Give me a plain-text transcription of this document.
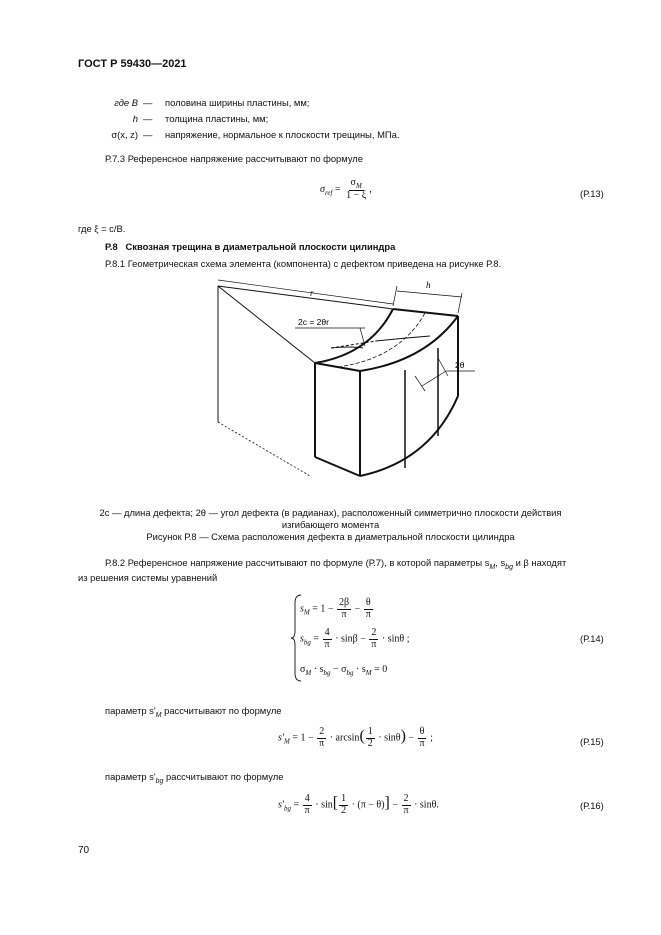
ГОСТ Р 59430—2021
где B — половина ширины пластины, мм;
h — толщина пластины, мм;
σ(x, z) — напряжение, нормальное к плоскости трещины, МПа.
Р.7.3 Референсное напряжение рассчитывают по формуле
$\sigma_{ref} = \frac{\sigma_M}{1 - \xi}$ ,	(Р.13)
где ξ = c/B.
Р.8 Сквозная трещина в диаметральной плоскости цилиндра
Р.8.1 Геометрическая схема элемента (компонента) с дефектом приведена на рисунке Р.8.
r
h
2c = 2θr
2θ
2c — длина дефекта; 2θ — угол дефекта (в радианах), расположенный симметрично плоскости действия
изгибающего момента
Рисунок Р.8 — Схема расположения дефекта в диаметральной плоскости цилиндра
Р.8.2 Референсное напряжение рассчитывают по формуле (Р.7), в которой параметры $s_M$, $s_{bg}$ и β находят
из решения системы уравнений
$s_M = 1 - \frac{2\beta}{\pi} - \frac{\theta}{\pi}$
$s_{bg} = \frac{4}{\pi} \cdot \sin\beta - \frac{2}{\pi} \cdot \sin\theta$ ;
$\sigma_M \cdot s_{bg} - \sigma_{bg} \cdot s_M = 0$
(Р.14)
параметр $s'_M$ рассчитывают по формуле
$s'_M = 1 - \frac{2}{\pi} \cdot \arcsin( \frac{1}{2} \cdot \sin\theta) - \frac{\theta}{\pi}$ ;	(Р.15)
параметр $s'_{bg}$ рассчитывают по формуле
$s'_{bg} = \frac{4}{\pi} \cdot \sin[ \frac{1}{2} \cdot (\pi - \theta)] - \frac{2}{\pi} \cdot \sin\theta$.	(Р.16)
70
